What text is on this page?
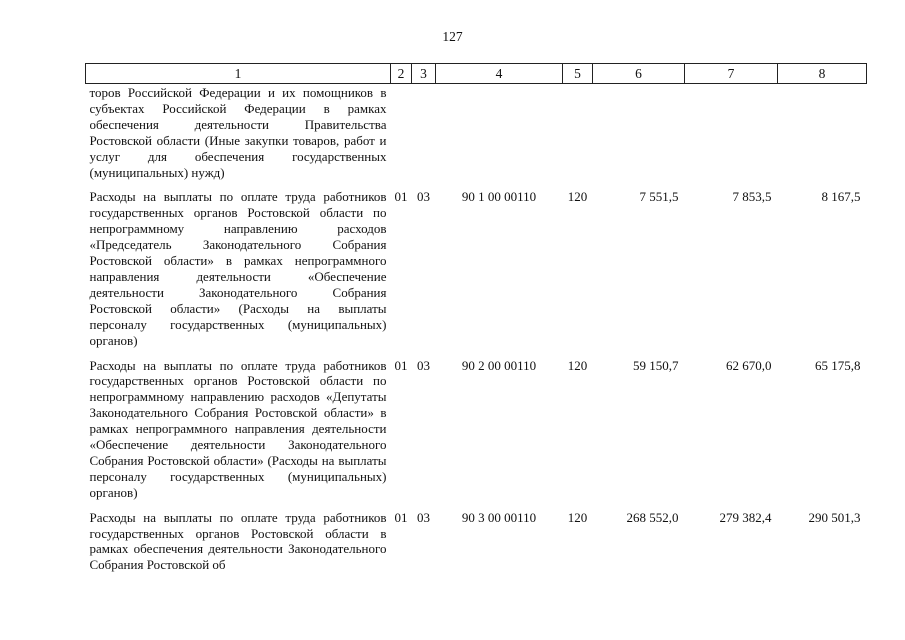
127
1	2	3	4	5	6	7	8
торов Российской Федерации и их помощников в субъектах Российской Федерации в рамках обеспечения деятельности Правительства Ростовской области (Иные закупки товаров, работ и услуг для обеспечения государственных (муниципальных) нужд)							
Расходы на выплаты по оплате труда работников государственных органов Ростовской области по непрограммному направлению расходов «Председатель Законодательного Собрания Ростовской области» в рамках непрограммного направления деятельности «Обеспечение деятельности Законодательного Собрания Ростовской области» (Расходы на выплаты персоналу государственных (муниципальных) органов)	01	03	90 1 00 00110	120	7 551,5	7 853,5	8 167,5
Расходы на выплаты по оплате труда работников государственных органов Ростовской области по непрограммному направлению расходов «Депутаты Законодательного Собрания Ростовской области» в рамках непрограммного направления деятельности «Обеспечение деятельности Законодательного Собрания Ростовской области» (Расходы на выплаты персоналу государственных (муниципальных) органов)	01	03	90 2 00 00110	120	59 150,7	62 670,0	65 175,8
Расходы на выплаты по оплате труда работников государственных органов Ростовской области в рамках обеспечения деятельности Законодательного Собрания Ростовской об	01	03	90 3 00 00110	120	268 552,0	279 382,4	290 501,3
